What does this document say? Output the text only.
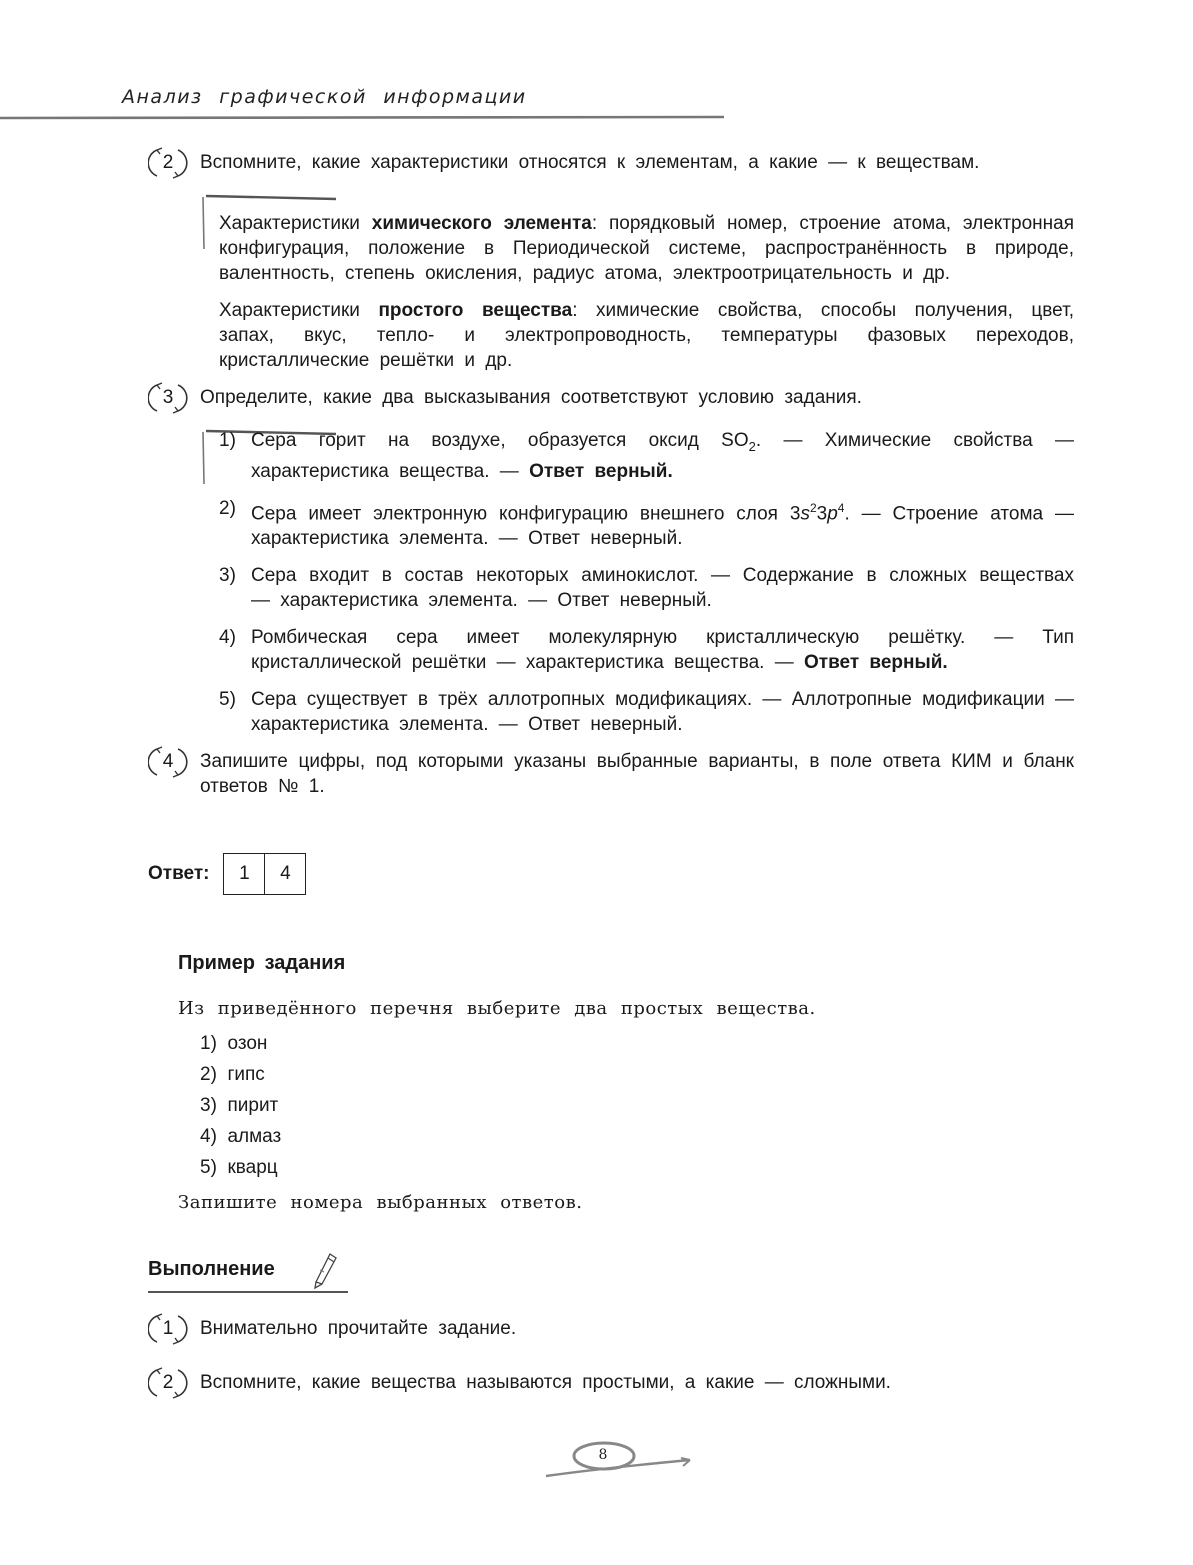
Анализ графической информации
2	Вспомните, какие характеристики относятся к элементам, а какие — к веществам.

Характеристики химического элемента: порядковый номер, строение атома, электронная конфигурация, положение в Периодической системе, распространённость в природе, валентность, степень окисления, радиус атома, электроотрицательность и др.

Характеристики простого вещества: химические свойства, способы получения, цвет, запах, вкус, тепло- и электропроводность, температуры фазовых переходов, кристаллические решётки и др.

3	Определите, какие два высказывания соответствуют условию задания.

1) Сера горит на воздухе, образуется оксид $SO_2$. — Химические свойства — характеристика вещества. — Ответ верный.
2) Сера имеет электронную конфигурацию внешнего слоя $3s^23p^4$. — Строение атома — характеристика элемента. — Ответ неверный.
3) Сера входит в состав некоторых аминокислот. — Содержание в сложных веществах — характеристика элемента. — Ответ неверный.
4) Ромбическая сера имеет молекулярную кристаллическую решётку. — Тип кристаллической решётки — характеристика вещества. — Ответ верный.
5) Сера существует в трёх аллотропных модификациях. — Аллотропные модификации — характеристика элемента. — Ответ неверный.
4	Запишите цифры, под которыми указаны выбранные варианты, в поле ответа КИМ и бланк ответов № 1.

Ответ:	1	4
Пример задания
Из приведённого перечня выберите два простых вещества.
1) озон
2) гипс
3) пирит
4) алмаз
5) кварц
Запишите номера выбранных ответов.
Выполнение
1	Внимательно прочитайте задание.

2	Вспомните, какие вещества называются простыми, а какие — сложными.

8
